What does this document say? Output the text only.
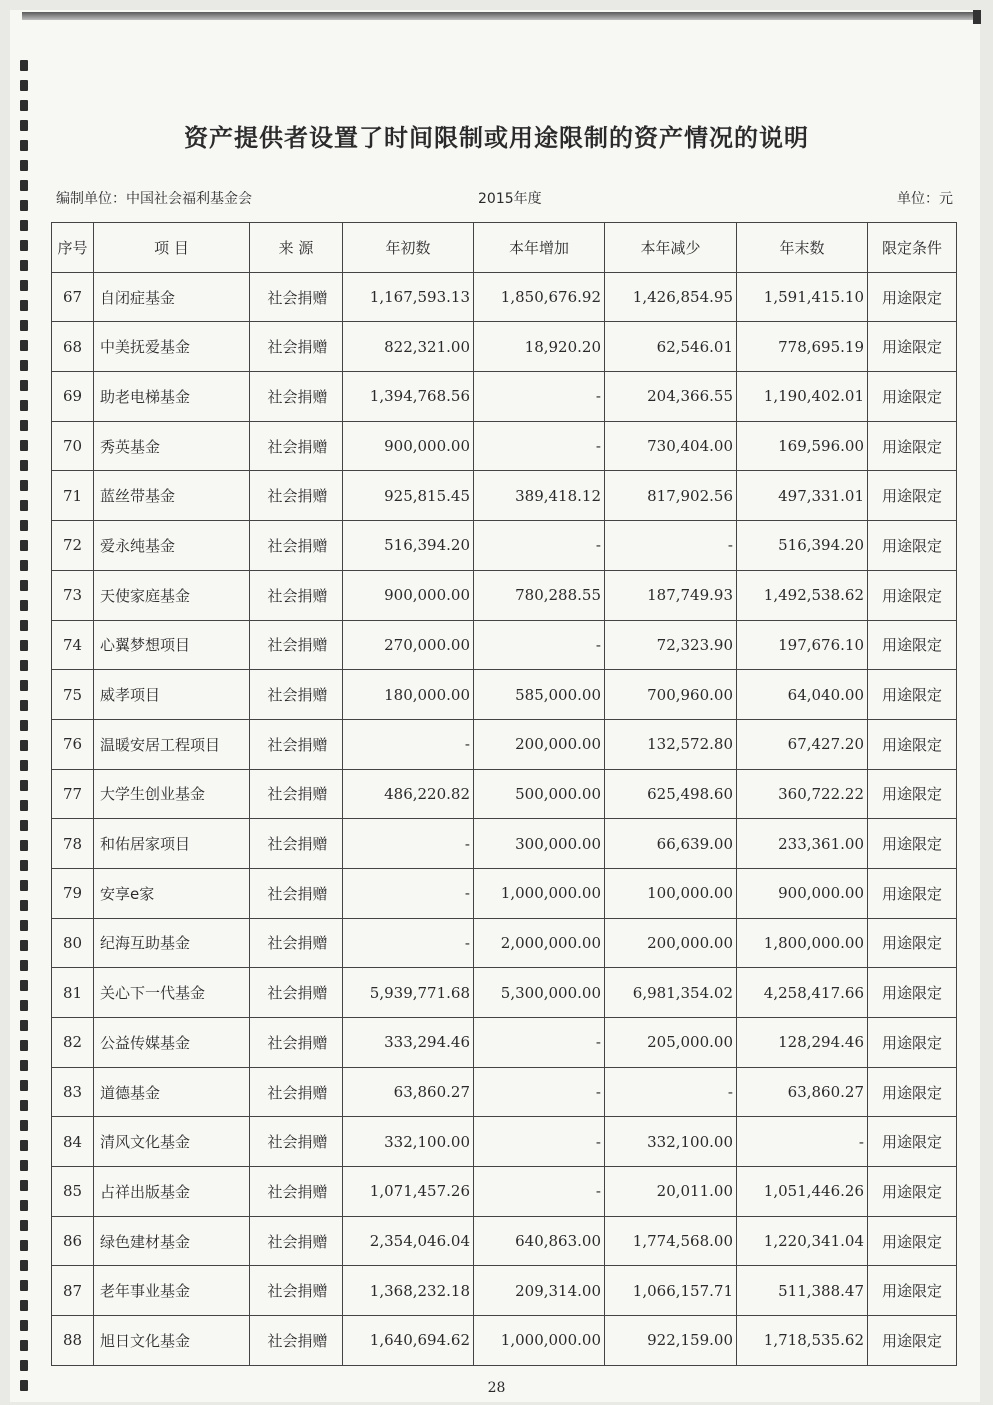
资产提供者设置了时间限制或用途限制的资产情况的说明
编制单位：中国社会福利基金会	2015年度	单位：元
序号	项 目	来 源	年初数	本年增加	本年减少	年末数	限定条件
67	自闭症基金	社会捐赠	1,167,593.13	1,850,676.92	1,426,854.95	1,591,415.10	用途限定
68	中美抚爱基金	社会捐赠	822,321.00	18,920.20	62,546.01	778,695.19	用途限定
69	助老电梯基金	社会捐赠	1,394,768.56	-	204,366.55	1,190,402.01	用途限定
70	秀英基金	社会捐赠	900,000.00	-	730,404.00	169,596.00	用途限定
71	蓝丝带基金	社会捐赠	925,815.45	389,418.12	817,902.56	497,331.01	用途限定
72	爱永纯基金	社会捐赠	516,394.20	-	-	516,394.20	用途限定
73	天使家庭基金	社会捐赠	900,000.00	780,288.55	187,749.93	1,492,538.62	用途限定
74	心翼梦想项目	社会捐赠	270,000.00	-	72,323.90	197,676.10	用途限定
75	威孝项目	社会捐赠	180,000.00	585,000.00	700,960.00	64,040.00	用途限定
76	温暖安居工程项目	社会捐赠	-	200,000.00	132,572.80	67,427.20	用途限定
77	大学生创业基金	社会捐赠	486,220.82	500,000.00	625,498.60	360,722.22	用途限定
78	和佑居家项目	社会捐赠	-	300,000.00	66,639.00	233,361.00	用途限定
79	安享e家	社会捐赠	-	1,000,000.00	100,000.00	900,000.00	用途限定
80	纪海互助基金	社会捐赠	-	2,000,000.00	200,000.00	1,800,000.00	用途限定
81	关心下一代基金	社会捐赠	5,939,771.68	5,300,000.00	6,981,354.02	4,258,417.66	用途限定
82	公益传媒基金	社会捐赠	333,294.46	-	205,000.00	128,294.46	用途限定
83	道德基金	社会捐赠	63,860.27	-	-	63,860.27	用途限定
84	清风文化基金	社会捐赠	332,100.00	-	332,100.00	-	用途限定
85	占祥出版基金	社会捐赠	1,071,457.26	-	20,011.00	1,051,446.26	用途限定
86	绿色建材基金	社会捐赠	2,354,046.04	640,863.00	1,774,568.00	1,220,341.04	用途限定
87	老年事业基金	社会捐赠	1,368,232.18	209,314.00	1,066,157.71	511,388.47	用途限定
88	旭日文化基金	社会捐赠	1,640,694.62	1,000,000.00	922,159.00	1,718,535.62	用途限定
28
